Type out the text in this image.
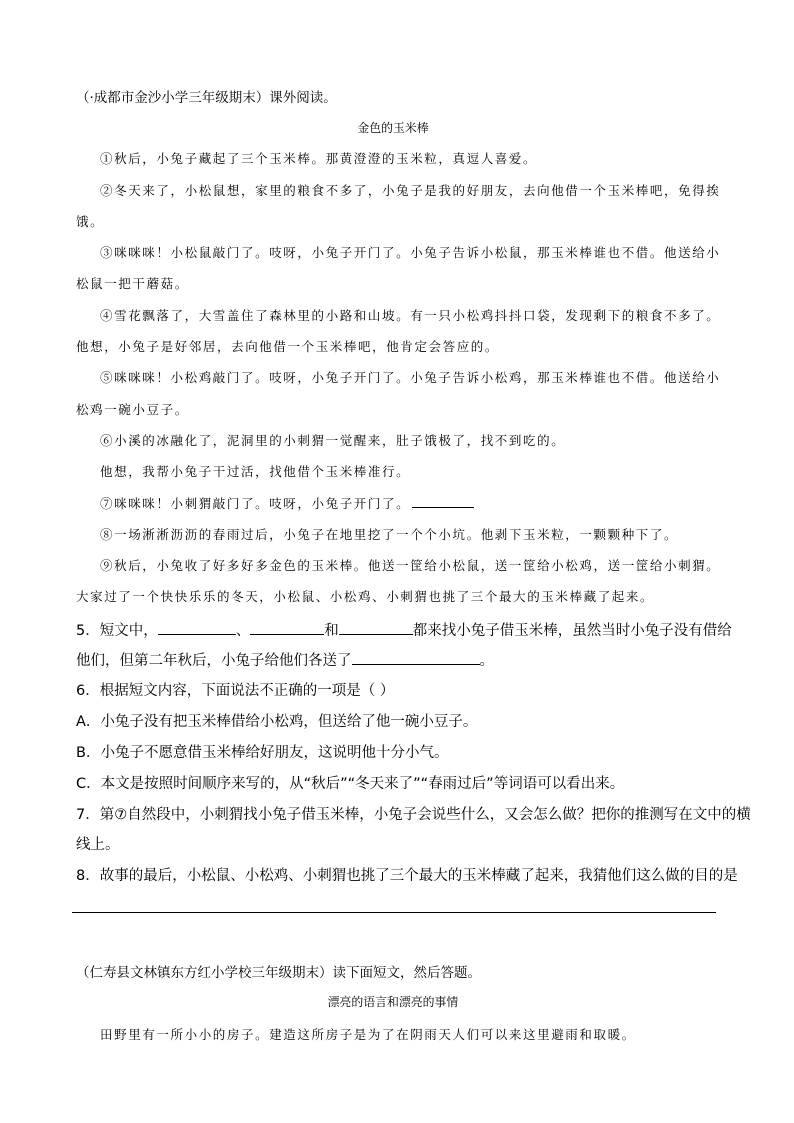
（·成都市金沙小学三年级期末）课外阅读。
金色的玉米棒
①秋后，小兔子藏起了三个玉米棒。那黄澄澄的玉米粒，真逗人喜爱。
②冬天来了，小松鼠想，家里的粮食不多了，小兔子是我的好朋友，去向他借一个玉米棒吧，免得挨
饿。
③咪咪咪！小松鼠敲门了。吱呀，小兔子开门了。小兔子告诉小松鼠，那玉米棒谁也不借。他送给小
松鼠一把干蘑菇。
④雪花飘落了，大雪盖住了森林里的小路和山坡。有一只小松鸡抖抖口袋，发现剩下的粮食不多了。
他想，小兔子是好邻居，去向他借一个玉米棒吧，他肯定会答应的。
⑤咪咪咪！小松鸡敲门了。吱呀，小兔子开门了。小兔子告诉小松鸡，那玉米棒谁也不借。他送给小
松鸡一碗小豆子。
⑥小溪的冰融化了，泥洞里的小刺猬一觉醒来，肚子饿极了，找不到吃的。
他想，我帮小兔子干过活，找他借个玉米棒准行。
⑦咪咪咪！小刺猬敲门了。吱呀，小兔子开门了。
⑧一场淅淅沥沥的春雨过后，小兔子在地里挖了一个个小坑。他剥下玉米粒，一颗颗种下了。
⑨秋后，小兔收了好多好多金色的玉米棒。他送一筐给小松鼠，送一筐给小松鸡，送一筐给小刺猬。
大家过了一个快快乐乐的冬天，小松鼠、小松鸡、小刺猬也挑了三个最大的玉米棒藏了起来。
5．短文中，	、	和	都来找小兔子借玉米棒，虽然当时小兔子没有借给
他们，但第二年秋后，小兔子给他们各送了	。
6．根据短文内容，下面说法不正确的一项是（ ）
A．小兔子没有把玉米棒借给小松鸡，但送给了他一碗小豆子。
B．小兔子不愿意借玉米棒给好朋友，这说明他十分小气。
C．本文是按照时间顺序来写的，从“秋后”“冬天来了”“春雨过后”等词语可以看出来。
7．第⑦自然段中，小刺猬找小兔子借玉米棒，小兔子会说些什么，又会怎么做？把你的推测写在文中的横
线上。
8．故事的最后，小松鼠、小松鸡、小刺猬也挑了三个最大的玉米棒藏了起来，我猜他们这么做的目的是
（仁寿县文林镇东方红小学校三年级期末）读下面短文，然后答题。
漂亮的语言和漂亮的事情
田野里有一所小小的房子。建造这所房子是为了在阴雨天人们可以来这里避雨和取暖。
